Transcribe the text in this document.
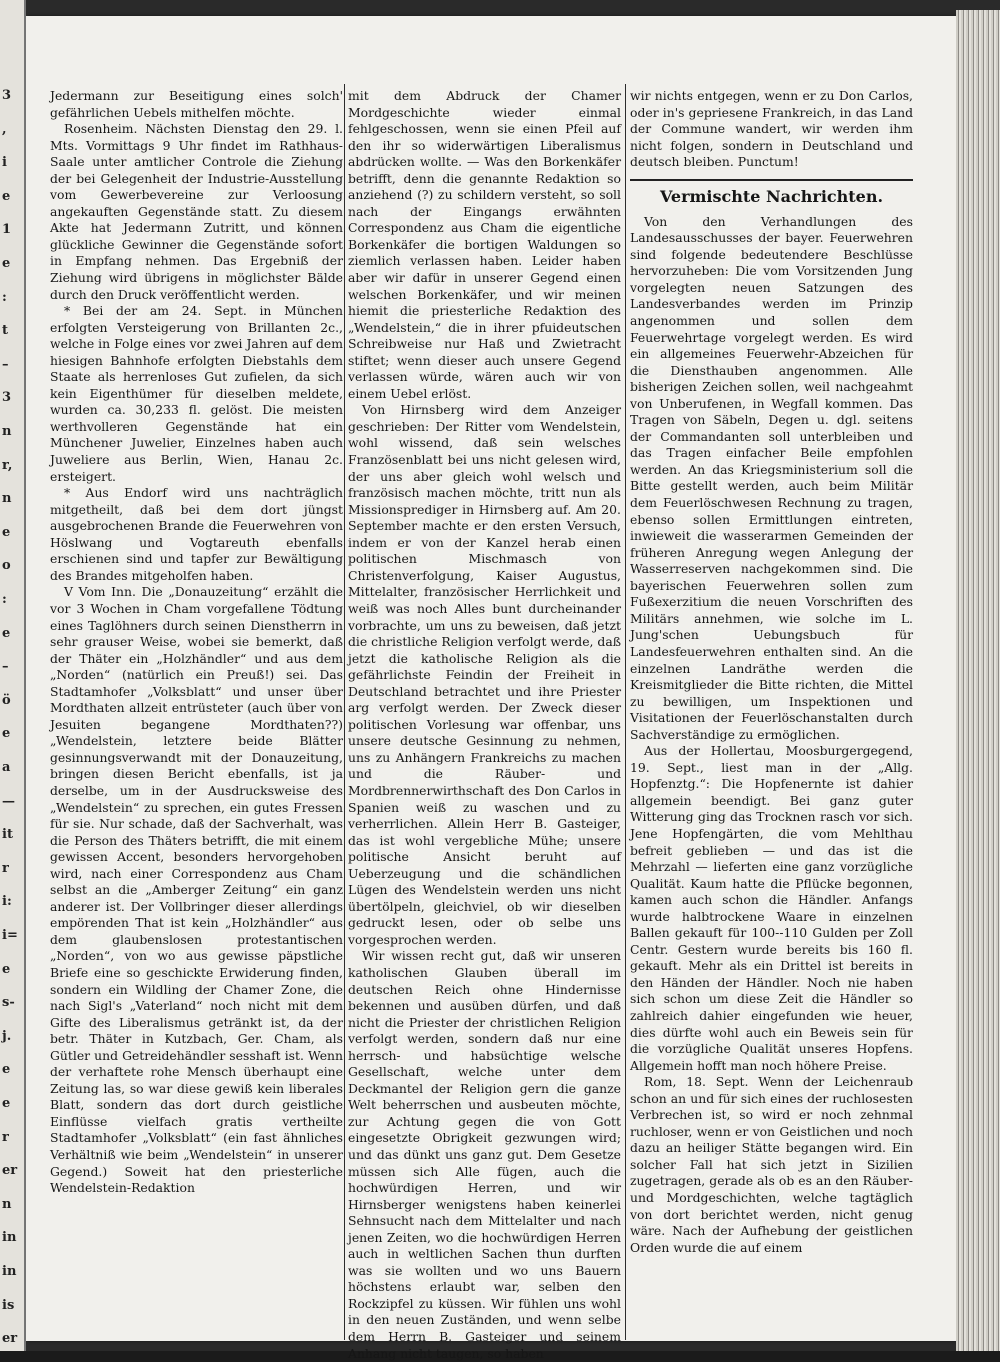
3
,
i
e
1
e
:
t
–
3
n
r,
n
e
o
:
e
–
ö
e
a
—
it
r
i:
i=
e
s-
j.
e
e
r
er
n
in
in
is
er

Jedermann zur Beseitigung eines solch' gefährlichen Uebels mithelfen möchte.

Rosenheim. Nächsten Dienstag den 29. l. Mts. Vormittags 9 Uhr findet im Rathhaus-Saale unter amtlicher Controle die Ziehung der bei Gelegenheit der Industrie-Ausstellung vom Gewerbevereine zur Verloosung angekauften Gegenstände statt. Zu diesem Akte hat Jedermann Zutritt, und können glückliche Gewinner die Gegenstände sofort in Empfang nehmen. Das Ergebniß der Ziehung wird übrigens in möglichster Bälde durch den Druck veröffentlicht werden.

* Bei der am 24. Sept. in München erfolgten Versteigerung von Brillanten 2c., welche in Folge eines vor zwei Jahren auf dem hiesigen Bahnhofe erfolgten Diebstahls dem Staate als herrenloses Gut zufielen, da sich kein Eigenthümer für dieselben meldete, wurden ca. 30,233 fl. gelöst. Die meisten werthvolleren Gegenstände hat ein Münchener Juwelier, Einzelnes haben auch Juweliere aus Berlin, Wien, Hanau 2c. ersteigert.

* Aus Endorf wird uns nachträglich mitgetheilt, daß bei dem dort jüngst ausgebrochenen Brande die Feuerwehren von Höslwang und Vogtareuth ebenfalls erschienen sind und tapfer zur Bewältigung des Brandes mitgeholfen haben.

V Vom Inn. Die „Donauzeitung“ erzählt die vor 3 Wochen in Cham vorgefallene Tödtung eines Taglöhners durch seinen Dienstherrn in sehr grauser Weise, wobei sie bemerkt, daß der Thäter ein „Holzhändler“ und aus dem „Norden“ (natürlich ein Preuß!) sei. Das Stadtamhofer „Volksblatt“ und unser über Mordthaten allzeit entrüsteter (auch über von Jesuiten begangene Mordthaten??) „Wendelstein, letztere beide Blätter gesinnungsverwandt mit der Donauzeitung, bringen diesen Bericht ebenfalls, ist ja derselbe, um in der Ausdrucksweise des „Wendelstein“ zu sprechen, ein gutes Fressen für sie. Nur schade, daß der Sachverhalt, was die Person des Thäters betrifft, die mit einem gewissen Accent, besonders hervorgehoben wird, nach einer Correspondenz aus Cham selbst an die „Amberger Zeitung“ ein ganz anderer ist. Der Vollbringer dieser allerdings empörenden That ist kein „Holzhändler“ aus dem glaubenslosen protestantischen „Norden“, von wo aus gewisse päpstliche Briefe eine so geschickte Erwiderung finden, sondern ein Wildling der Chamer Zone, die nach Sigl's „Vaterland“ noch nicht mit dem Gifte des Liberalismus getränkt ist, da der betr. Thäter in Kutzbach, Ger. Cham, als Gütler und Getreidehändler sesshaft ist. Wenn der verhaftete rohe Mensch überhaupt eine Zeitung las, so war diese gewiß kein liberales Blatt, sondern das dort durch geistliche Einflüsse vielfach gratis vertheilte Stadtamhofer „Volksblatt“ (ein fast ähnliches Verhältniß wie beim „Wendelstein“ in unserer Gegend.) Soweit hat den priesterliche Wendelstein-Redaktion

mit dem Abdruck der Chamer Mordgeschichte wieder einmal fehlgeschossen, wenn sie einen Pfeil auf den ihr so widerwärtigen Liberalismus abdrücken wollte. — Was den Borkenkäfer betrifft, denn die genannte Redaktion so anziehend (?) zu schildern versteht, so soll nach der Eingangs erwähnten Correspondenz aus Cham die eigentliche Borkenkäfer die bortigen Waldungen so ziemlich verlassen haben. Leider haben aber wir dafür in unserer Gegend einen welschen Borkenkäfer, und wir meinen hiemit die priesterliche Redaktion des „Wendelstein,“ die in ihrer pfuideutschen Schreibweise nur Haß und Zwietracht stiftet; wenn dieser auch unsere Gegend verlassen würde, wären auch wir von einem Uebel erlöst.

Von Hirnsberg wird dem Anzeiger geschrieben: Der Ritter vom Wendelstein, wohl wissend, daß sein welsches Französenblatt bei uns nicht gelesen wird, der uns aber gleich wohl welsch und französisch machen möchte, tritt nun als Missionsprediger in Hirnsberg auf. Am 20. September machte er den ersten Versuch, indem er von der Kanzel herab einen politischen Mischmasch von Christenverfolgung, Kaiser Augustus, Mittelalter, französischer Herrlichkeit und weiß was noch Alles bunt durcheinander vorbrachte, um uns zu beweisen, daß jetzt die christliche Religion verfolgt werde, daß jetzt die katholische Religion als die gefährlichste Feindin der Freiheit in Deutschland betrachtet und ihre Priester arg verfolgt werden. Der Zweck dieser politischen Vorlesung war offenbar, uns unsere deutsche Gesinnung zu nehmen, uns zu Anhängern Frankreichs zu machen und die Räuber- und Mordbrennerwirthschaft des Don Carlos in Spanien weiß zu waschen und zu verherrlichen. Allein Herr B. Gasteiger, das ist wohl vergebliche Mühe; unsere politische Ansicht beruht auf Ueberzeugung und die schändlichen Lügen des Wendelstein werden uns nicht übertölpeln, gleichviel, ob wir dieselben gedruckt lesen, oder ob selbe uns vorgesprochen werden.

Wir wissen recht gut, daß wir unseren katholischen Glauben überall im deutschen Reich ohne Hindernisse bekennen und ausüben dürfen, und daß nicht die Priester der christlichen Religion verfolgt werden, sondern daß nur eine herrsch- und habsüchtige welsche Gesellschaft, welche unter dem Deckmantel der Religion gern die ganze Welt beherrschen und ausbeuten möchte, zur Achtung gegen die von Gott eingesetzte Obrigkeit gezwungen wird; und das dünkt uns ganz gut. Dem Gesetze müssen sich Alle fügen, auch die hochwürdigen Herren, und wir Hirnsberger wenigstens haben keinerlei Sehnsucht nach dem Mittelalter und nach jenen Zeiten, wo die hochwürdigen Herren auch in weltlichen Sachen thun durften was sie wollten und wo uns Bauern höchstens erlaubt war, selben den Rockzipfel zu küssen. Wir fühlen uns wohl in den neuen Zuständen, und wenn selbe dem Herrn B. Gasteiger und seinem Anhang nicht taugen, so haben

wir nichts entgegen, wenn er zu Don Carlos, oder in's gepriesene Frankreich, in das Land der Commune wandert, wir werden ihm nicht folgen, sondern in Deutschland und deutsch bleiben. Punctum!

Vermischte Nachrichten.

Von den Verhandlungen des Landesausschusses der bayer. Feuerwehren sind folgende bedeutendere Beschlüsse hervorzuheben: Die vom Vorsitzenden Jung vorgelegten neuen Satzungen des Landesverbandes werden im Prinzip angenommen und sollen dem Feuerwehrtage vorgelegt werden. Es wird ein allgemeines Feuerwehr-Abzeichen für die Diensthauben angenommen. Alle bisherigen Zeichen sollen, weil nachgeahmt von Unberufenen, in Wegfall kommen. Das Tragen von Säbeln, Degen u. dgl. seitens der Commandanten soll unterbleiben und das Tragen einfacher Beile empfohlen werden. An das Kriegsministerium soll die Bitte gestellt werden, auch beim Militär dem Feuerlöschwesen Rechnung zu tragen, ebenso sollen Ermittlungen eintreten, inwieweit die wasserarmen Gemeinden der früheren Anregung wegen Anlegung der Wasserreserven nachgekommen sind. Die bayerischen Feuerwehren sollen zum Fußexerzitium die neuen Vorschriften des Militärs annehmen, wie solche im L. Jung'schen Uebungsbuch für Landesfeuerwehren enthalten sind. An die einzelnen Landräthe werden die Kreismitglieder die Bitte richten, die Mittel zu bewilligen, um Inspektionen und Visitationen der Feuerlöschanstalten durch Sachverständige zu ermöglichen.

Aus der Hollertau, Moosburgergegend, 19. Sept., liest man in der „Allg. Hopfenztg.“: Die Hopfenernte ist dahier allgemein beendigt. Bei ganz guter Witterung ging das Trocknen rasch vor sich. Jene Hopfengärten, die vom Mehlthau befreit geblieben — und das ist die Mehrzahl — lieferten eine ganz vorzügliche Qualität. Kaum hatte die Pflücke begonnen, kamen auch schon die Händler. Anfangs wurde halbtrockene Waare in einzelnen Ballen gekauft für 100--110 Gulden per Zoll Centr. Gestern wurde bereits bis 160 fl. gekauft. Mehr als ein Drittel ist bereits in den Händen der Händler. Noch nie haben sich schon um diese Zeit die Händler so zahlreich dahier eingefunden wie heuer, dies dürfte wohl auch ein Beweis sein für die vorzügliche Qualität unseres Hopfens. Allgemein hofft man noch höhere Preise.

Rom, 18. Sept. Wenn der Leichenraub schon an und für sich eines der ruchlosesten Verbrechen ist, so wird er noch zehnmal ruchloser, wenn er von Geistlichen und noch dazu an heiliger Stätte begangen wird. Ein solcher Fall hat sich jetzt in Sizilien zugetragen, gerade als ob es an den Räuber- und Mordgeschichten, welche tagtäglich von dort berichtet werden, nicht genug wäre. Nach der Aufhebung der geistlichen Orden wurde die auf einem
